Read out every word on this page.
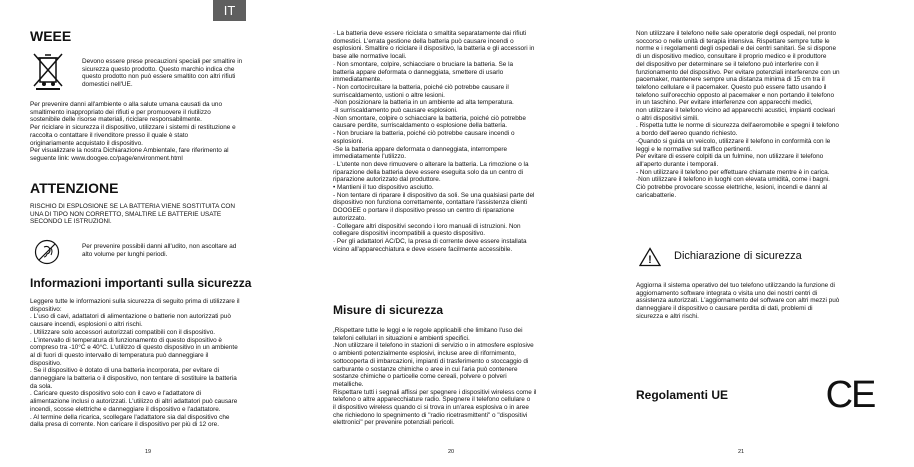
IT
WEEE

Devono essere prese precauzioni speciali per smaltire in
sicurezza questo prodotto. Questo marchio indica che
questo prodotto non può essere smaltito con altri rifiuti
domestici nell'UE.

Per prevenire danni all'ambiente o alla salute umana causati da uno
smaltimento inappropriato dei rifiuti e per promuovere il riutilizzo
sostenibile delle risorse materiali, riciclare responsabilmente.
Per riciclare in sicurezza il dispositivo, utilizzare i sistemi di restituzione e
raccolta o contattare il rivenditore presso il quale è stato
originariamente acquistato il dispositivo.
Per visualizzare la nostra Dichiarazione Ambientale, fare riferimento al
seguente link: www.doogee.cc/page/environment.html

ATTENZIONE

RISCHIO DI ESPLOSIONE SE LA BATTERIA VIENE SOSTITUITA CON
UNA DI TIPO NON CORRETTO, SMALTIRE LE BATTERIE USATE
SECONDO LE ISTRUZIONI.

Per prevenire possibili danni all'udito, non ascoltare ad
alto volume per lunghi periodi.

Informazioni importanti sulla sicurezza

Leggere tutte le informazioni sulla sicurezza di seguito prima di utilizzare il
dispositivo:
. L'uso di cavi, adattatori di alimentazione o batterie non autorizzati può
causare incendi, esplosioni o altri rischi.
. Utilizzare solo accessori autorizzati compatibili con il dispositivo.
. L'intervallo di temperatura di funzionamento di questo dispositivo è
compreso tra -10°C e 40°C. L'utilizzo di questo dispositivo in un ambiente
al di fuori di questo intervallo di temperatura può danneggiare il
dispositivo.
. Se il dispositivo è dotato di una batteria incorporata, per evitare di
danneggiare la batteria o il dispositivo, non tentare di sostituire la batteria
da sola.
. Caricare questo dispositivo solo con il cavo e l'adattatore di
alimentazione inclusi o autorizzati. L'utilizzo di altri adattatori può causare
incendi, scosse elettriche e danneggiare il dispositivo e l'adattatore.
. Al termine della ricarica, scollegare l'adattatore sia dal dispositivo che
dalla presa di corrente. Non caricare il dispositivo per più di 12 ore.

19

· La batteria deve essere riciclata o smaltita separatamente dai rifiuti
domestici. L'errata gestione della batteria può causare incendi o
esplosioni. Smaltire o riciclare il dispositivo, la batteria e gli accessori in
base alle normative locali.
· Non smontare, colpire, schiacciare o bruciare la batteria. Se la
batteria appare deformata o danneggiata, smettere di usarlo
immediatamente.
- Non cortocircuitare la batteria, poiché ciò potrebbe causare il
surriscaldamento, ustioni o altre lesioni.
-Non posizionare la batteria in un ambiente ad alta temperatura.
-Il surriscaldamento può causare esplosioni.
-Non smontare, colpire o schiacciare la batteria, poiché ciò potrebbe
causare perdite, surriscaldamento o esplosione della batteria.
- Non bruciare la batteria, poiché ciò potrebbe causare incendi o
esplosioni.
-Se la batteria appare deformata o danneggiata, interrompere
immediatamente l'utilizzo.
· L'utente non deve rimuovere o alterare la batteria. La rimozione o la
riparazione della batteria deve essere eseguita solo da un centro di
riparazione autorizzato dal produttore.
• Mantieni il tuo dispositivo asciutto.
- Non tentare di riparare il dispositivo da soli. Se una qualsiasi parte del
dispositivo non funziona correttamente, contattare l'assistenza clienti
DOOGEE o portare il dispositivo presso un centro di riparazione
autorizzato.
· Collegare altri dispositivi secondo i loro manuali di istruzioni. Non
collegare dispositivi incompatibili a questo dispositivo.
· Per gli adattatori AC/DC, la presa di corrente deve essere installata
vicino all'apparecchiatura e deve essere facilmente accessibile.

Misure di sicurezza

,Rispettare tutte le leggi e le regole applicabili che limitano l'uso dei
telefoni cellulari in situazioni e ambienti specifici.
.Non utilizzare il telefono in stazioni di servizio o in atmosfere esplosive
o ambienti potenzialmente esplosivi, incluse aree di rifornimento,
sottocoperta di imbarcazioni, impianti di trasferimento o stoccaggio di
carburante o sostanze chimiche o aree in cui l'aria può contenere
sostanze chimiche o particelle come cereali, polvere o polveri
metalliche.
Rispettare tutti i segnali affissi per spegnere i dispositivi wireless come il
telefono o altre apparecchiature radio. Spegnere il telefono cellulare o
il dispositivo wireless quando ci si trova in un'area esplosiva o in aree
che richiedono lo spegnimento di "radio ricetrasmittenti" o "dispositivi
elettronici" per prevenire potenziali pericoli.

20

Non utilizzare il telefono nelle sale operatorie degli ospedali, nel pronto
soccorso o nelle unità di terapia intensiva. Rispettare sempre tutte le
norme e i regolamenti degli ospedali e dei centri sanitari. Se si dispone
di un dispositivo medico, consultare il proprio medico e il produttore
del dispositivo per determinare se il telefono può interferire con il
funzionamento del dispositivo. Per evitare potenziali interferenze con un
pacemaker, mantenere sempre una distanza minima di 15 cm tra il
telefono cellulare e il pacemaker. Questo può essere fatto usando il
telefono sull'orecchio opposto al pacemaker e non portando il telefono
in un taschino. Per evitare interferenze con apparecchi medici,
non utilizzare il telefono vicino ad apparecchi acustici, impianti cocleari
o altri dispositivi simili.
. Rispetta tutte le norme di sicurezza dell'aeromobile e spegni il telefono
a bordo dell'aereo quando richiesto.
·Quando si guida un veicolo, utilizzare il telefono in conformità con le
leggi e le normative sul traffico pertinenti.
Per evitare di essere colpiti da un fulmine, non utilizzare il telefono
all'aperto durante i temporali.
- Non utilizzare il telefono per effettuare chiamate mentre è in carica.
·Non utilizzare il telefono in luoghi con elevata umidità, come i bagni.
Ciò potrebbe provocare scosse elettriche, lesioni, incendi e danni al
caricabatterie.

! Dichiarazione di sicurezza

Aggiorna il sistema operativo del tuo telefono utilizzando la funzione di
aggiornamento software integrata o visita uno dei nostri centri di
assistenza autorizzati. L'aggiornamento del software con altri mezzi può
danneggiare il dispositivo o causare perdita di dati, problemi di
sicurezza e altri rischi.

Regolamenti UE	CE
21
